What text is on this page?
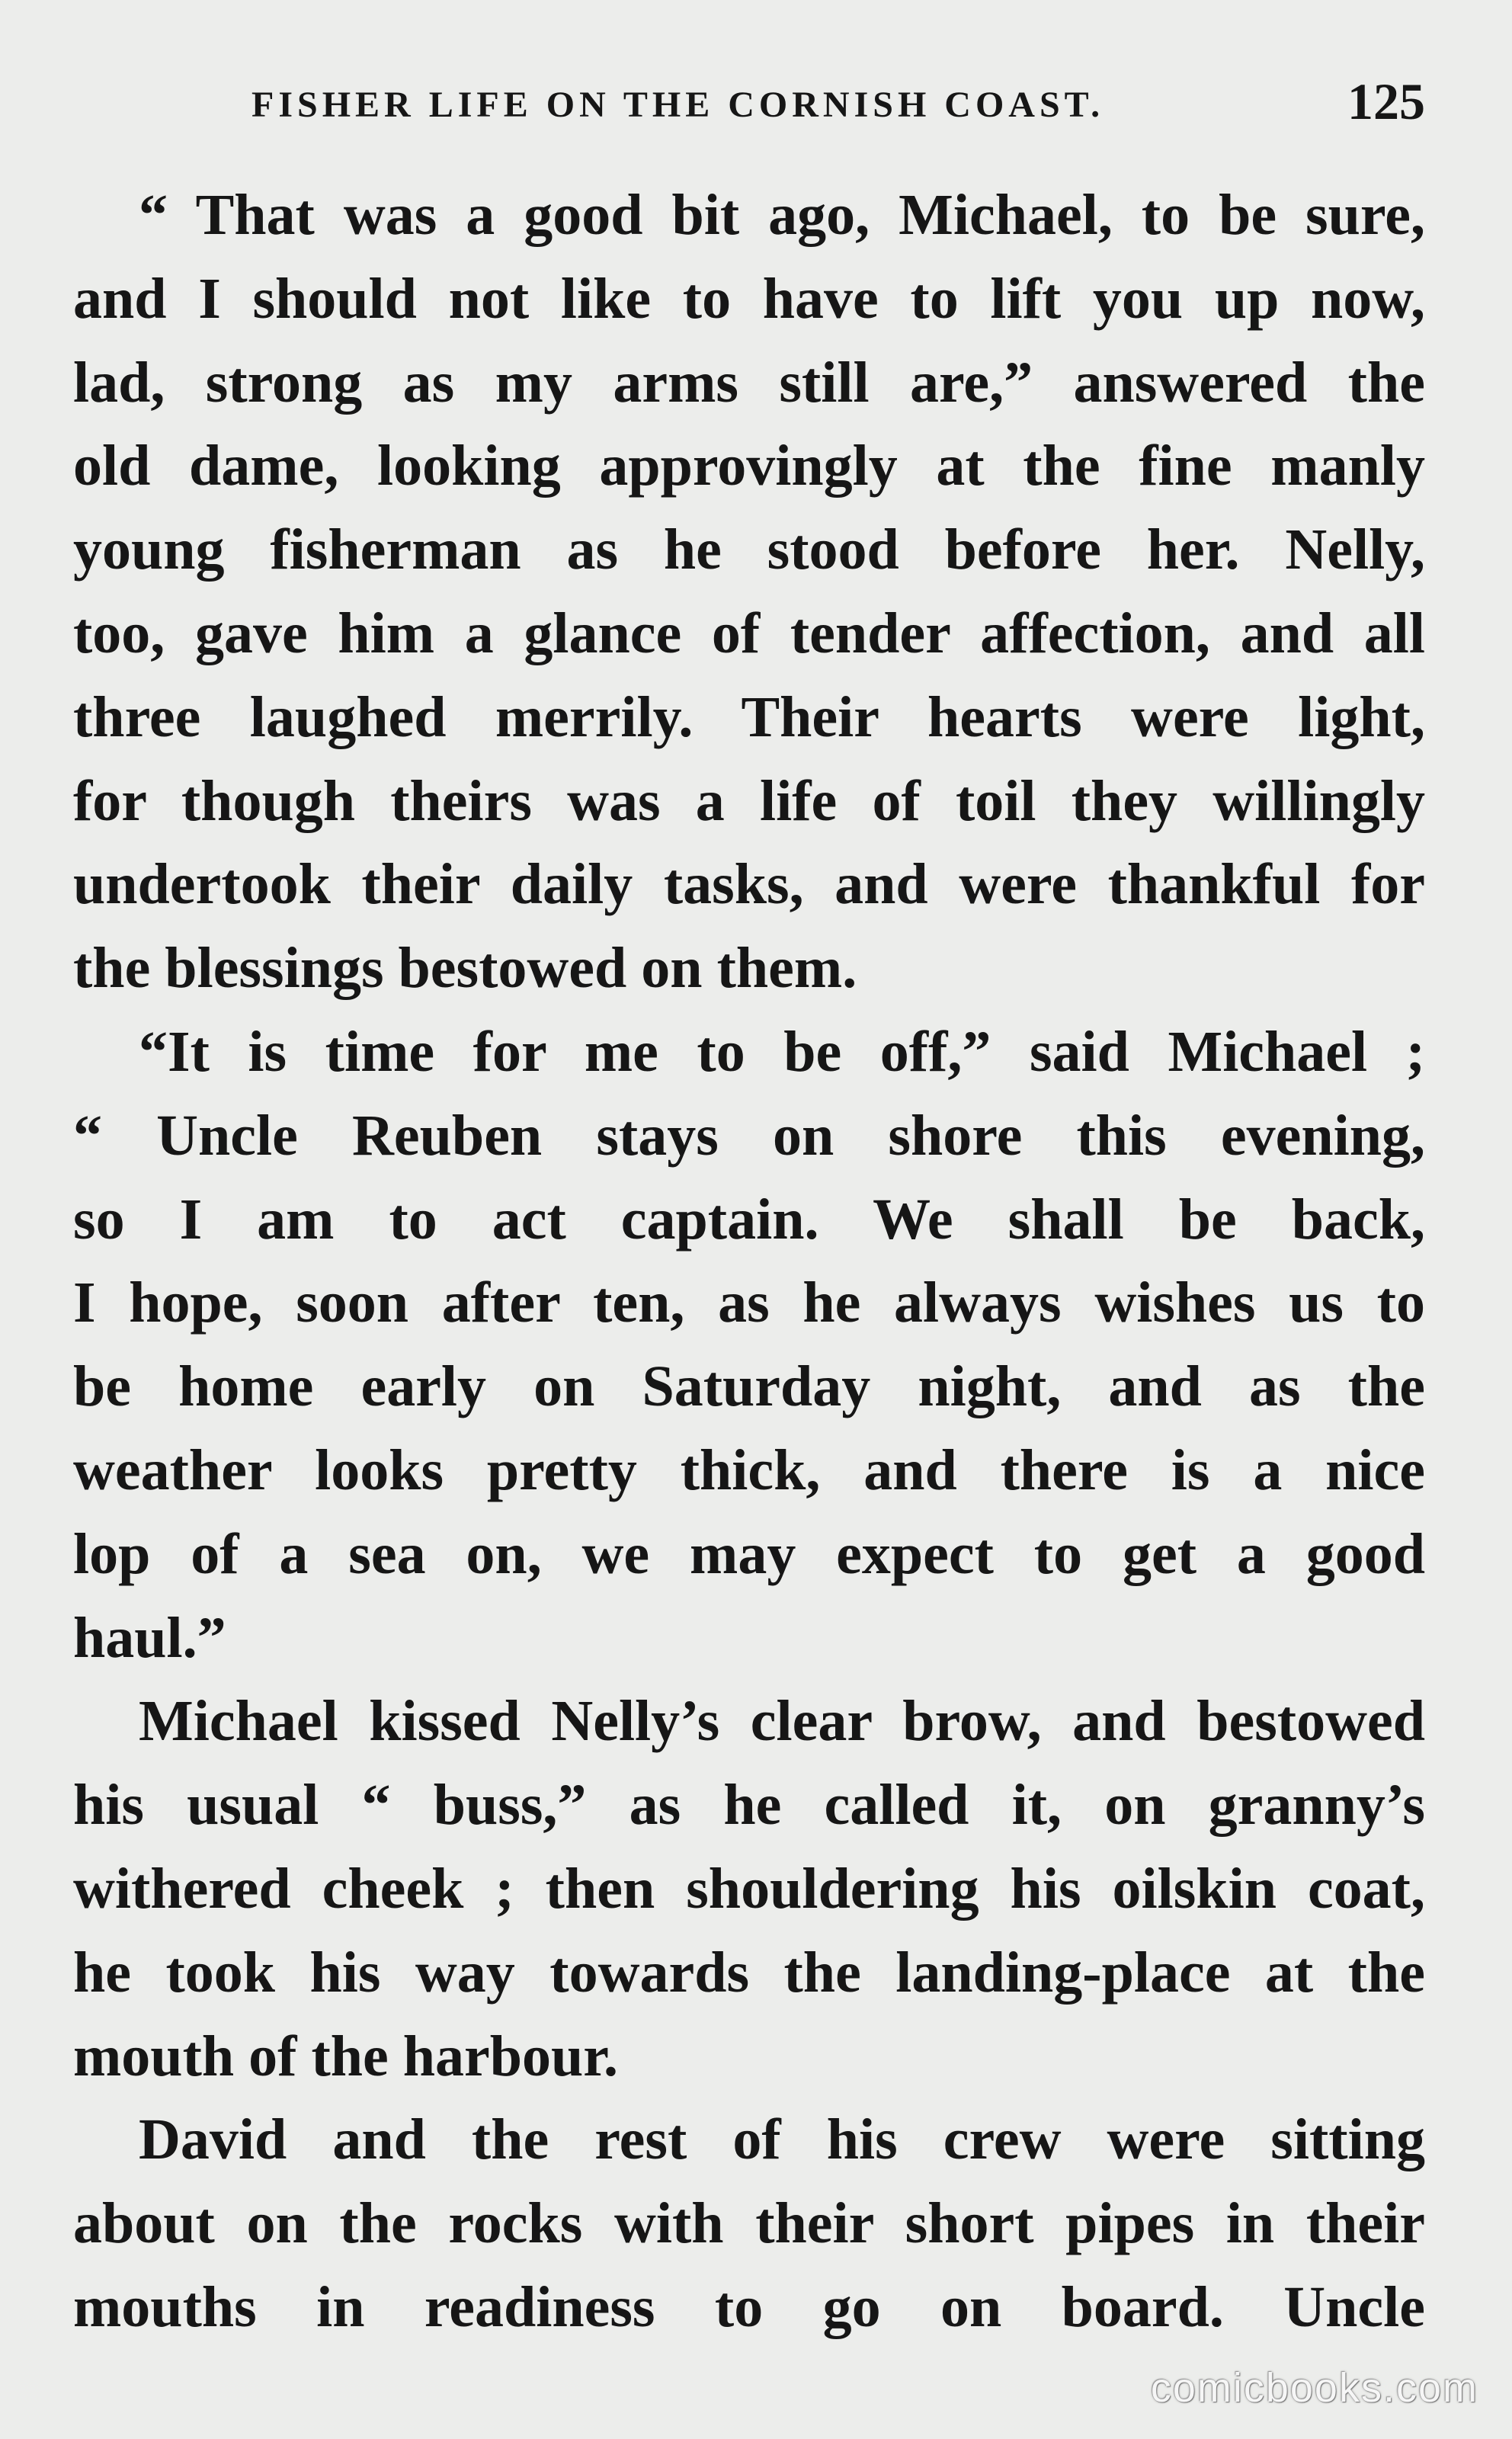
FISHER LIFE ON THE CORNISH COAST.	125
“ That was a good bit ago, Michael, to be sure,
and I should not like to have to lift you up now,
lad, strong as my arms still are,” answered the
old dame, looking approvingly at the fine manly
young fisherman as he stood before her. Nelly,
too, gave him a glance of tender affection, and all
three laughed merrily. Their hearts were light,
for though theirs was a life of toil they willingly
undertook their daily tasks, and were thankful for
the blessings bestowed on them.
“It is time for me to be off,” said Michael ;
“ Uncle Reuben stays on shore this evening,
so I am to act captain. We shall be back,
I hope, soon after ten, as he always wishes us to
be home early on Saturday night, and as the
weather looks pretty thick, and there is a nice
lop of a sea on, we may expect to get a good
haul.”
Michael kissed Nelly’s clear brow, and bestowed
his usual “ buss,” as he called it, on granny’s
withered cheek ; then shouldering his oilskin coat,
he took his way towards the landing-place at the
mouth of the harbour.
David and the rest of his crew were sitting
about on the rocks with their short pipes in their
mouths in readiness to go on board. Uncle
comicbooks.com
